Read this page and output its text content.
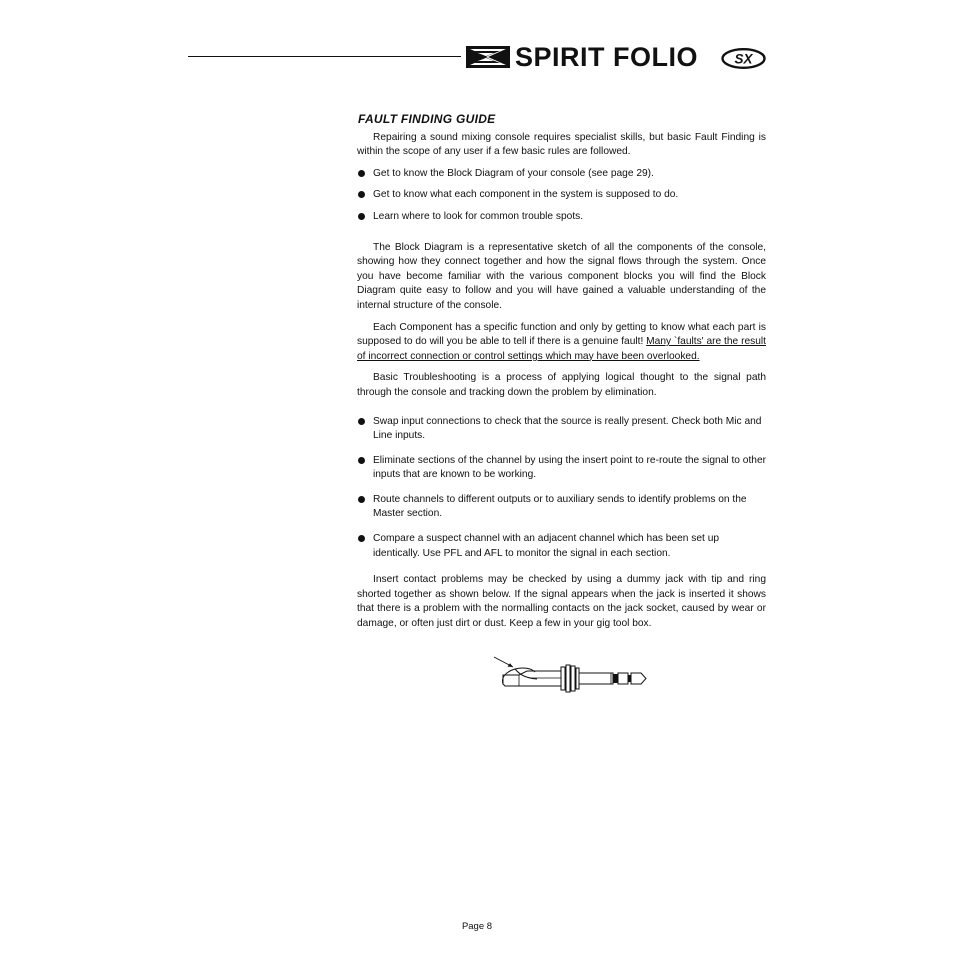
SPIRIT FOLIO	SX
FAULT FINDING GUIDE

Repairing a sound mixing console requires specialist skills, but basic Fault Finding is within the scope of any user if a few basic rules are followed.

Get to know the Block Diagram of your console (see page 29).
Get to know what each component in the system is supposed to do.
Learn where to look for common trouble spots.

The Block Diagram is a representative sketch of all the components of the console, showing how they connect together and how the signal flows through the system. Once you have become familiar with the various component blocks you will find the Block Diagram quite easy to follow and you will have gained a valuable understanding of the internal structure of the console.

Each Component has a specific function and only by getting to know what each part is supposed to do will you be able to tell if there is a genuine fault! Many `faults' are the result of incorrect connection or control settings which may have been overlooked.

Basic Troubleshooting is a process of applying logical thought to the signal path through the console and tracking down the problem by elimination.

Swap input connections to check that the source is really present. Check both Mic and Line inputs.
Eliminate sections of the channel by using the insert point to re-route the signal to other inputs that are known to be working.
Route channels to different outputs or to auxiliary sends to identify problems on the Master section.
Compare a suspect channel with an adjacent channel which has been set up identically. Use PFL and AFL to monitor the signal in each section.

Insert contact problems may be checked by using a dummy jack with tip and ring shorted together as shown below. If the signal appears when the jack is inserted it shows that there is a problem with the normalling contacts on the jack socket, caused by wear or damage, or often just dirt or dust. Keep a few in your gig tool box.

Page 8
